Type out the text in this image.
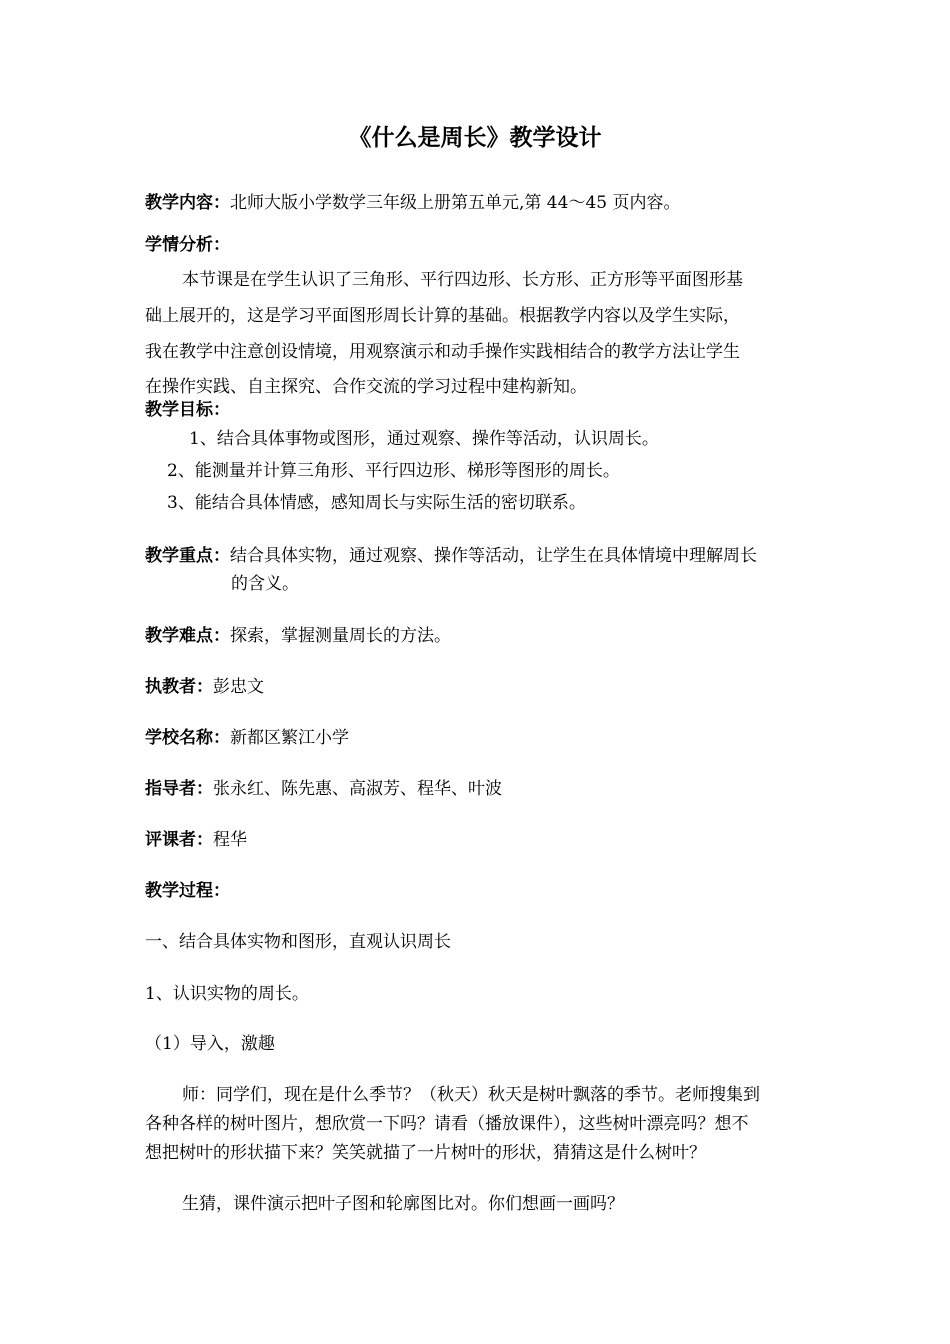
《什么是周长》教学设计
教学内容：北师大版小学数学三年级上册第五单元,第 44～45 页内容。
学情分析：
本节课是在学生认识了三角形、平行四边形、长方形、正方形等平面图形基
础上展开的，这是学习平面图形周长计算的基础。根据教学内容以及学生实际，
我在教学中注意创设情境，用观察演示和动手操作实践相结合的教学方法让学生
在操作实践、自主探究、合作交流的学习过程中建构新知。
教学目标：
1、结合具体事物或图形，通过观察、操作等活动，认识周长。
2、能测量并计算三角形、平行四边形、梯形等图形的周长。
3、能结合具体情感，感知周长与实际生活的密切联系。
教学重点：结合具体实物，通过观察、操作等活动，让学生在具体情境中理解周长
的含义。
教学难点：探索，掌握测量周长的方法。
执教者：彭忠文
学校名称：新都区繁江小学
指导者：张永红、陈先惠、高淑芳、程华、叶波
评课者：程华
教学过程：
一、结合具体实物和图形，直观认识周长
1、认识实物的周长。
（1）导入，激趣
师：同学们，现在是什么季节？（秋天）秋天是树叶飘落的季节。老师搜集到
各种各样的树叶图片，想欣赏一下吗？请看（播放课件），这些树叶漂亮吗？想不
想把树叶的形状描下来？笑笑就描了一片树叶的形状，猜猜这是什么树叶？
生猜，课件演示把叶子图和轮廓图比对。你们想画一画吗？
